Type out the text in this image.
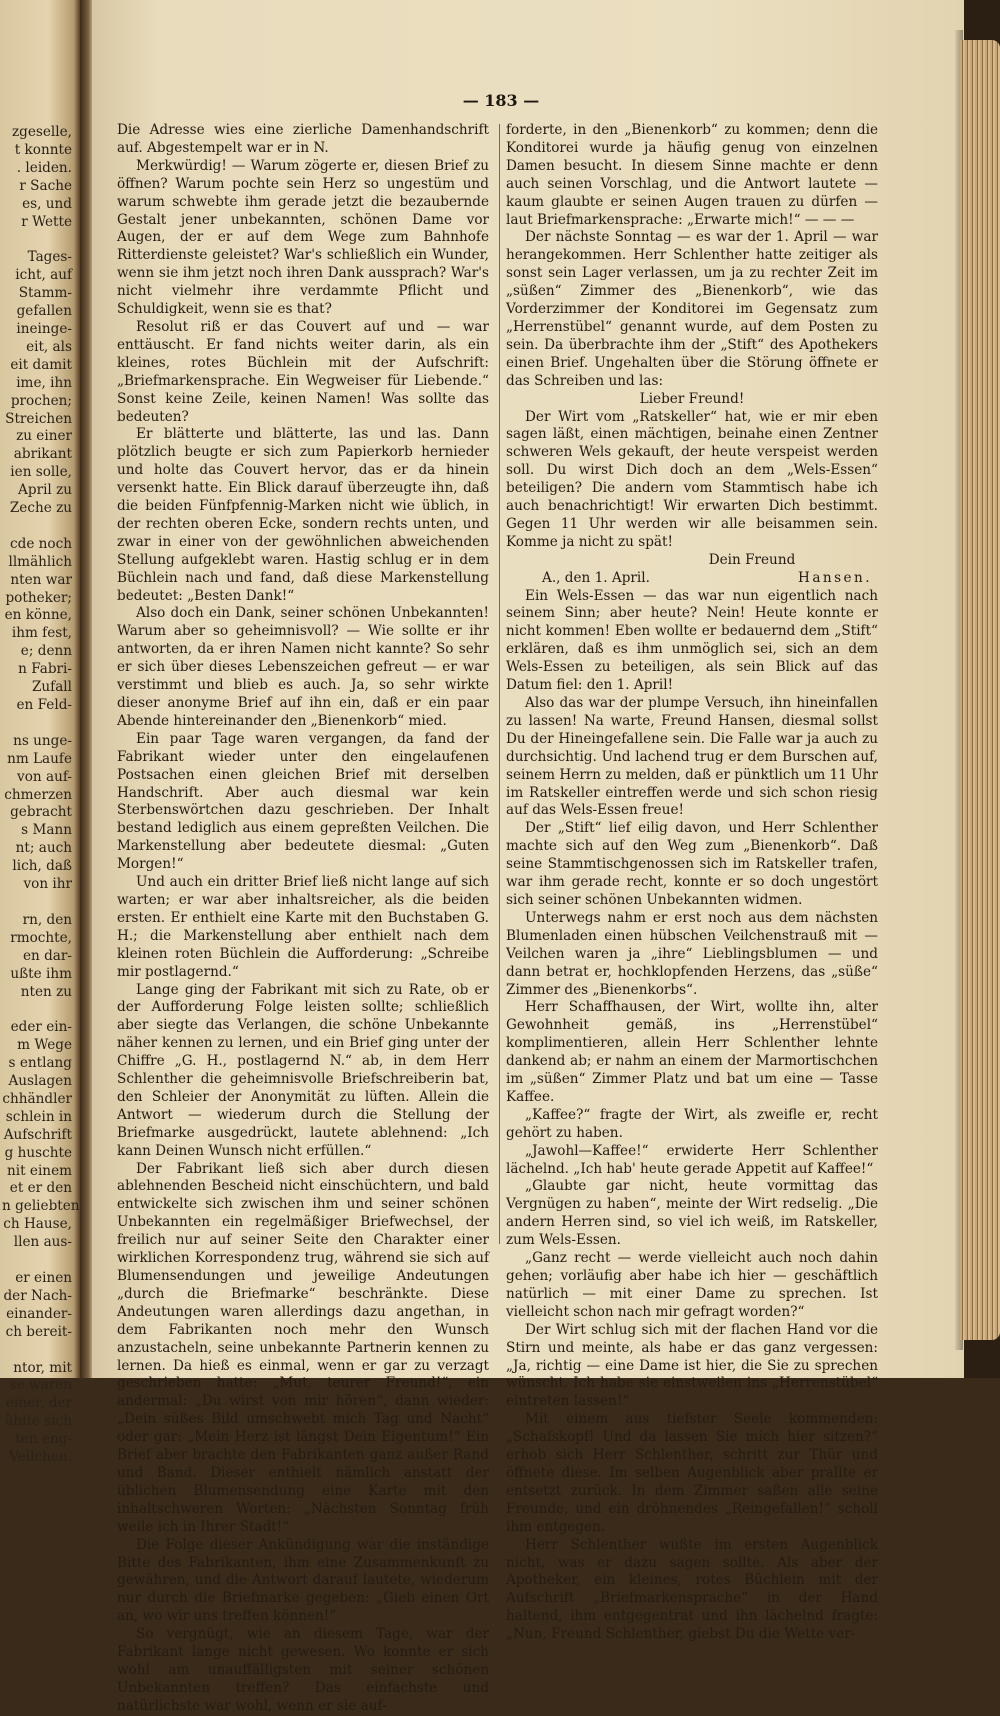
zgeselle,
t konnte
. leiden.
r Sache
es, und
r Wette

Tages-
icht, auf
Stamm-
gefallen
ineinge-
eit, als
eit damit
ime, ihn
prochen;
Streichen
zu einer
abrikant
ien solle,
April zu
Zeche zu

cde noch
llmählich
nten war
potheker;
en könne,
ihm fest,
e; denn
n Fabri-
Zufall
en Feld-

ns unge-
nm Laufe
von auf-
chmerzen
gebracht
s Mann
nt; auch
lich, daß
von ihr

rn, den
rmochte,
en dar-
ußte ihm
nten zu

eder ein-
m Wege
s entlang
Auslagen
chhändler
schlein in
Aufschrift
g huschte
nit einem
et er den
n geliebten
ch Hause,
llen aus-

er einen
der Nach-
einander-
ch bereit-

ntor, mit
se waren
einer, der
ühlte sich
ten eng-
Veilchen.
— 183 —

Die Adresse wies eine zierliche Damenhandschrift auf. Abgestempelt war er in N.

Merkwürdig! — Warum zögerte er, diesen Brief zu öffnen? Warum pochte sein Herz so ungestüm und warum schwebte ihm gerade jetzt die bezaubernde Gestalt jener unbekannten, schönen Dame vor Augen, der er auf dem Wege zum Bahnhofe Ritterdienste geleistet? War's schließlich ein Wunder, wenn sie ihm jetzt noch ihren Dank aussprach? War's nicht vielmehr ihre verdammte Pflicht und Schuldigkeit, wenn sie es that?

Resolut riß er das Couvert auf und — war enttäuscht. Er fand nichts weiter darin, als ein kleines, rotes Büchlein mit der Aufschrift: „Briefmarkensprache. Ein Wegweiser für Liebende.“ Sonst keine Zeile, keinen Namen! Was sollte das bedeuten?

Er blätterte und blätterte, las und las. Dann plötzlich beugte er sich zum Papierkorb hernieder und holte das Couvert hervor, das er da hinein versenkt hatte. Ein Blick darauf überzeugte ihn, daß die beiden Fünfpfennig-Marken nicht wie üblich, in der rechten oberen Ecke, sondern rechts unten, und zwar in einer von der gewöhnlichen abweichenden Stellung aufgeklebt waren. Hastig schlug er in dem Büchlein nach und fand, daß diese Markenstellung bedeutet: „Besten Dank!“

Also doch ein Dank, seiner schönen Unbekannten! Warum aber so geheimnisvoll? — Wie sollte er ihr antworten, da er ihren Namen nicht kannte? So sehr er sich über dieses Lebenszeichen gefreut — er war verstimmt und blieb es auch. Ja, so sehr wirkte dieser anonyme Brief auf ihn ein, daß er ein paar Abende hintereinander den „Bienenkorb“ mied.

Ein paar Tage waren vergangen, da fand der Fabrikant wieder unter den eingelaufenen Postsachen einen gleichen Brief mit derselben Handschrift. Aber auch diesmal war kein Sterbenswörtchen dazu geschrieben. Der Inhalt bestand lediglich aus einem gepreßten Veilchen. Die Markenstellung aber bedeutete diesmal: „Guten Morgen!“

Und auch ein dritter Brief ließ nicht lange auf sich warten; er war aber inhaltsreicher, als die beiden ersten. Er enthielt eine Karte mit den Buchstaben G. H.; die Markenstellung aber enthielt nach dem kleinen roten Büchlein die Aufforderung: „Schreibe mir postlagernd.“

Lange ging der Fabrikant mit sich zu Rate, ob er der Aufforderung Folge leisten sollte; schließlich aber siegte das Verlangen, die schöne Unbekannte näher kennen zu lernen, und ein Brief ging unter der Chiffre „G. H., postlagernd N.“ ab, in dem Herr Schlenther die geheimnisvolle Briefschreiberin bat, den Schleier der Anonymität zu lüften. Allein die Antwort — wiederum durch die Stellung der Briefmarke ausgedrückt, lautete ablehnend: „Ich kann Deinen Wunsch nicht erfüllen.“

Der Fabrikant ließ sich aber durch diesen ablehnenden Bescheid nicht einschüchtern, und bald entwickelte sich zwischen ihm und seiner schönen Unbekannten ein regelmäßiger Briefwechsel, der freilich nur auf seiner Seite den Charakter einer wirklichen Korrespondenz trug, während sie sich auf Blumensendungen und jeweilige Andeutungen „durch die Briefmarke“ beschränkte. Diese Andeutungen waren allerdings dazu angethan, in dem Fabrikanten noch mehr den Wunsch anzustacheln, seine unbekannte Partnerin kennen zu lernen. Da hieß es einmal, wenn er gar zu verzagt geschrieben hatte: „Mut, teurer Freund!“, ein andermal: „Du wirst von mir hören“, dann wieder: „Dein süßes Bild umschwebt mich Tag und Nacht“ oder gar: „Mein Herz ist längst Dein Eigentum!“ Ein Brief aber brachte den Fabrikanten ganz außer Rand und Band. Dieser enthielt nämlich anstatt der üblichen Blumensendung eine Karte mit den inhaltschweren Worten: „Nächsten Sonntag früh weile ich in Ihrer Stadt!“

Die Folge dieser Ankündigung war die inständige Bitte des Fabrikanten, ihm eine Zusammenkunft zu gewähren, und die Antwort darauf lautete, wiederum nur durch die Briefmarke gegeben: „Gieb einen Ort an, wo wir uns treffen können!“

So vergnügt, wie an diesem Tage, war der Fabrikant lange nicht gewesen. Wo konnte er sich wohl am unauffälligsten mit seiner schönen Unbekannten treffen? Das einfachste und natürlichste war wohl, wenn er sie auf-

forderte, in den „Bienenkorb“ zu kommen; denn die Konditorei wurde ja häufig genug von einzelnen Damen besucht. In diesem Sinne machte er denn auch seinen Vorschlag, und die Antwort lautete — kaum glaubte er seinen Augen trauen zu dürfen — laut Briefmarkensprache: „Erwarte mich!“ — — —

Der nächste Sonntag — es war der 1. April — war herangekommen. Herr Schlenther hatte zeitiger als sonst sein Lager verlassen, um ja zu rechter Zeit im „süßen“ Zimmer des „Bienenkorb“, wie das Vorderzimmer der Konditorei im Gegensatz zum „Herrenstübel“ genannt wurde, auf dem Posten zu sein. Da überbrachte ihm der „Stift“ des Apothekers einen Brief. Ungehalten über die Störung öffnete er das Schreiben und las:

Lieber Freund!

Der Wirt vom „Ratskeller“ hat, wie er mir eben sagen läßt, einen mächtigen, beinahe einen Zentner schweren Wels gekauft, der heute verspeist werden soll. Du wirst Dich doch an dem „Wels-Essen“ beteiligen? Die andern vom Stammtisch habe ich auch benachrichtigt! Wir erwarten Dich bestimmt. Gegen 11 Uhr werden wir alle beisammen sein. Komme ja nicht zu spät!

Dein Freund

A., den 1. April.	Hansen.

Ein Wels-Essen — das war nun eigentlich nach seinem Sinn; aber heute? Nein! Heute konnte er nicht kommen! Eben wollte er bedauernd dem „Stift“ erklären, daß es ihm unmöglich sei, sich an dem Wels-Essen zu beteiligen, als sein Blick auf das Datum fiel: den 1. April!

Also das war der plumpe Versuch, ihn hineinfallen zu lassen! Na warte, Freund Hansen, diesmal sollst Du der Hineingefallene sein. Die Falle war ja auch zu durchsichtig. Und lachend trug er dem Burschen auf, seinem Herrn zu melden, daß er pünktlich um 11 Uhr im Ratskeller eintreffen werde und sich schon riesig auf das Wels-Essen freue!

Der „Stift“ lief eilig davon, und Herr Schlenther machte sich auf den Weg zum „Bienenkorb“. Daß seine Stammtischgenossen sich im Ratskeller trafen, war ihm gerade recht, konnte er so doch ungestört sich seiner schönen Unbekannten widmen.

Unterwegs nahm er erst noch aus dem nächsten Blumenladen einen hübschen Veilchenstrauß mit — Veilchen waren ja „ihre“ Lieblingsblumen — und dann betrat er, hochklopfenden Herzens, das „süße“ Zimmer des „Bienenkorbs“.

Herr Schaffhausen, der Wirt, wollte ihn, alter Gewohnheit gemäß, ins „Herrenstübel“ komplimentieren, allein Herr Schlenther lehnte dankend ab; er nahm an einem der Marmortischchen im „süßen“ Zimmer Platz und bat um eine — Tasse Kaffee.

„Kaffee?“ fragte der Wirt, als zweifle er, recht gehört zu haben.

„Jawohl—Kaffee!“ erwiderte Herr Schlenther lächelnd. „Ich hab' heute gerade Appetit auf Kaffee!“

„Glaubte gar nicht, heute vormittag das Vergnügen zu haben“, meinte der Wirt redselig. „Die andern Herren sind, so viel ich weiß, im Ratskeller, zum Wels-Essen.

„Ganz recht — werde vielleicht auch noch dahin gehen; vorläufig aber habe ich hier — geschäftlich natürlich — mit einer Dame zu sprechen. Ist vielleicht schon nach mir gefragt worden?“

Der Wirt schlug sich mit der flachen Hand vor die Stirn und meinte, als habe er das ganz vergessen: „Ja, richtig — eine Dame ist hier, die Sie zu sprechen wünscht. Ich habe sie einstweilen ins „Herrenstübel“ eintreten lassen!“

Mit einem aus tiefster Seele kommenden: „Schafskopf! Und da lassen Sie mich hier sitzen?“ erhob sich Herr Schlenther, schritt zur Thür und öffnete diese. Im selben Augenblick aber prallte er entsetzt zurück. In dem Zimmer saßen alle seine Freunde, und ein dröhnendes „Reingefallen!“ scholl ihm entgegen.

Herr Schlenther wußte im ersten Augenblick nicht, was er dazu sagen sollte. Als aber der Apotheker, ein kleines, rotes Büchlein mit der Aufschrift „Briefmarkensprache“ in der Hand haltend, ihm entgegentrat und ihn lächelnd fragte: „Nun, Freund Schlenther, giebst Du die Wette ver-
